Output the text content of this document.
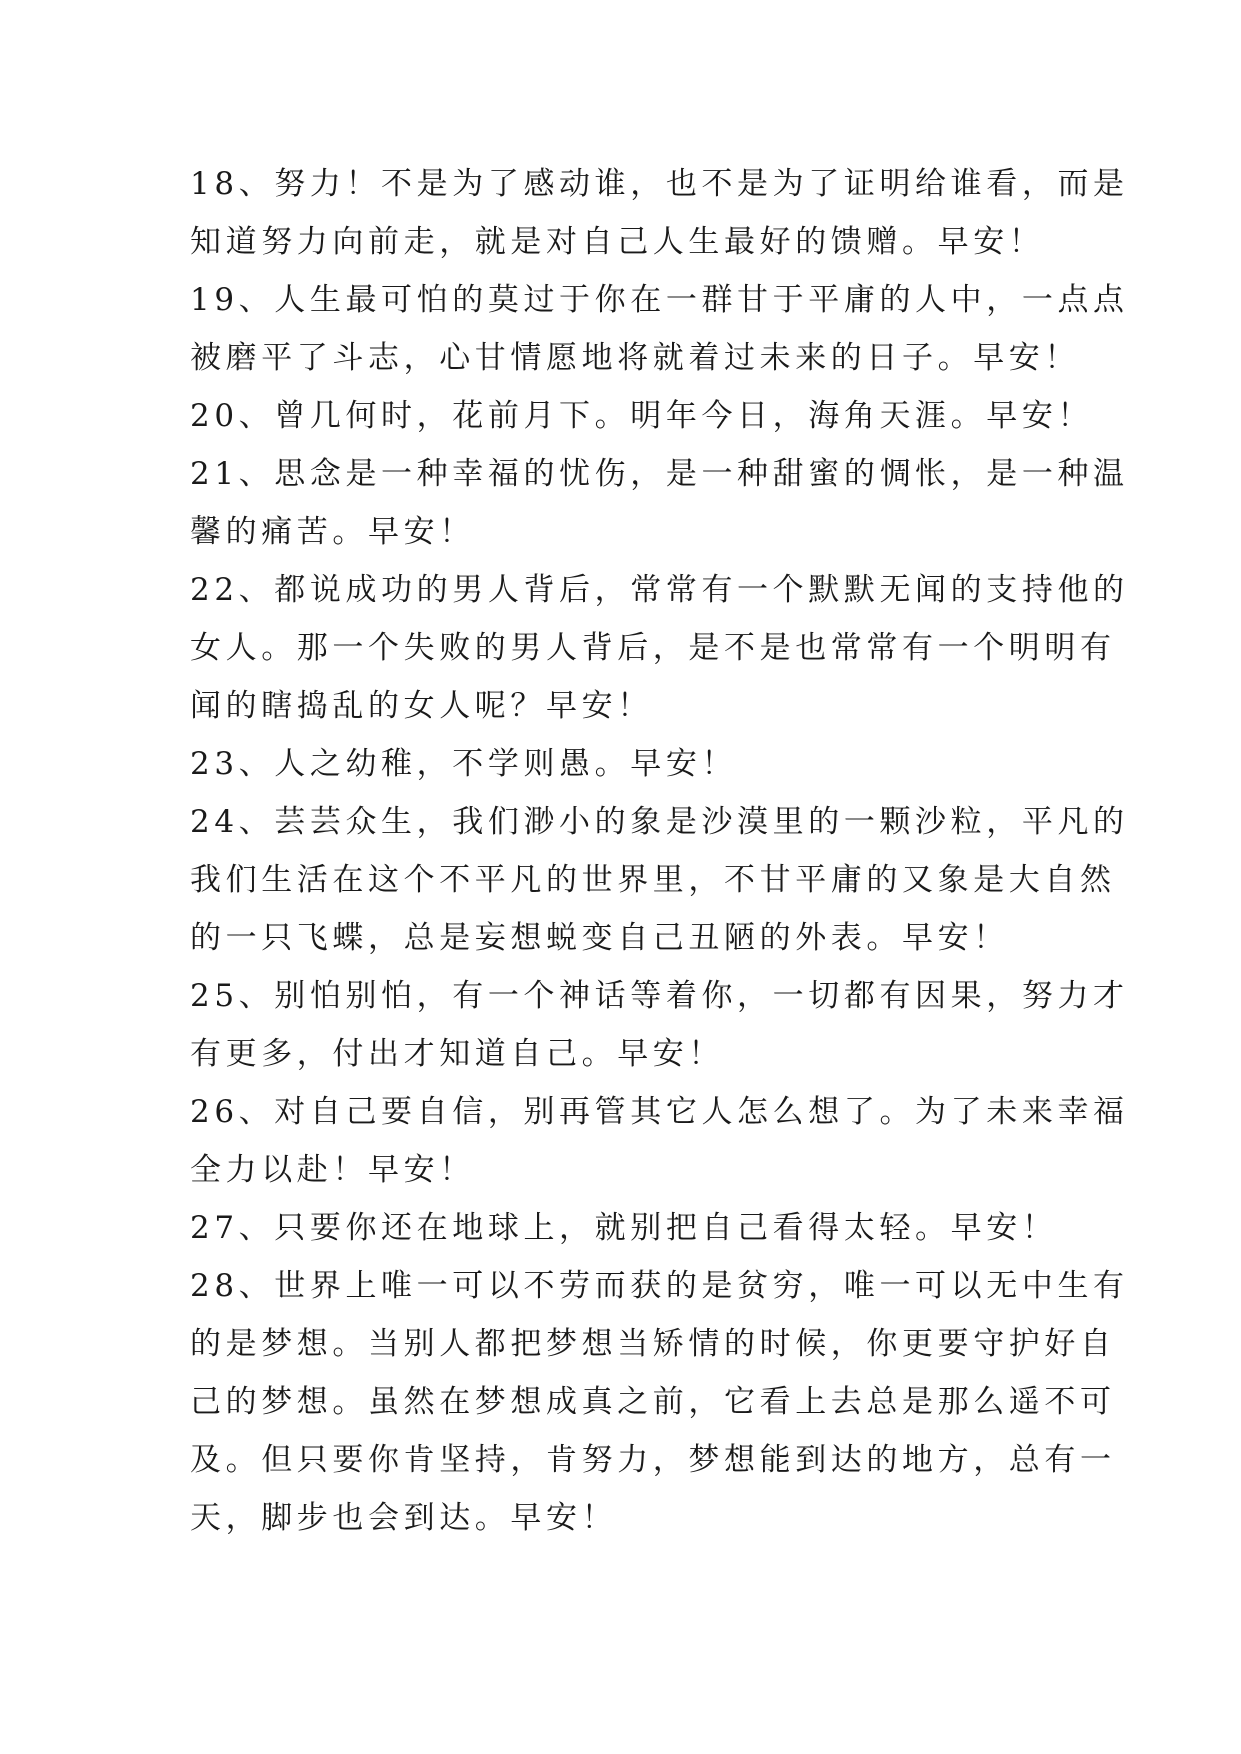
18、努力！不是为了感动谁，也不是为了证明给谁看，而是
知道努力向前走，就是对自己人生最好的馈赠。早安！

19、人生最可怕的莫过于你在一群甘于平庸的人中，一点点
被磨平了斗志，心甘情愿地将就着过未来的日子。早安！

20、曾几何时，花前月下。明年今日，海角天涯。早安！

21、思念是一种幸福的忧伤，是一种甜蜜的惆怅，是一种温
馨的痛苦。早安！

22、都说成功的男人背后，常常有一个默默无闻的支持他的
女人。那一个失败的男人背后，是不是也常常有一个明明有
闻的瞎捣乱的女人呢？早安！

23、人之幼稚，不学则愚。早安！

24、芸芸众生，我们渺小的象是沙漠里的一颗沙粒，平凡的
我们生活在这个不平凡的世界里，不甘平庸的又象是大自然
的一只飞蝶，总是妄想蜕变自己丑陋的外表。早安！

25、别怕别怕，有一个神话等着你，一切都有因果，努力才
有更多，付出才知道自己。早安！

26、对自己要自信，别再管其它人怎么想了。为了未来幸福
全力以赴！早安！

27、只要你还在地球上，就别把自己看得太轻。早安！

28、世界上唯一可以不劳而获的是贫穷，唯一可以无中生有
的是梦想。当别人都把梦想当矫情的时候，你更要守护好自
己的梦想。虽然在梦想成真之前，它看上去总是那么遥不可
及。但只要你肯坚持，肯努力，梦想能到达的地方，总有一
天，脚步也会到达。早安！
